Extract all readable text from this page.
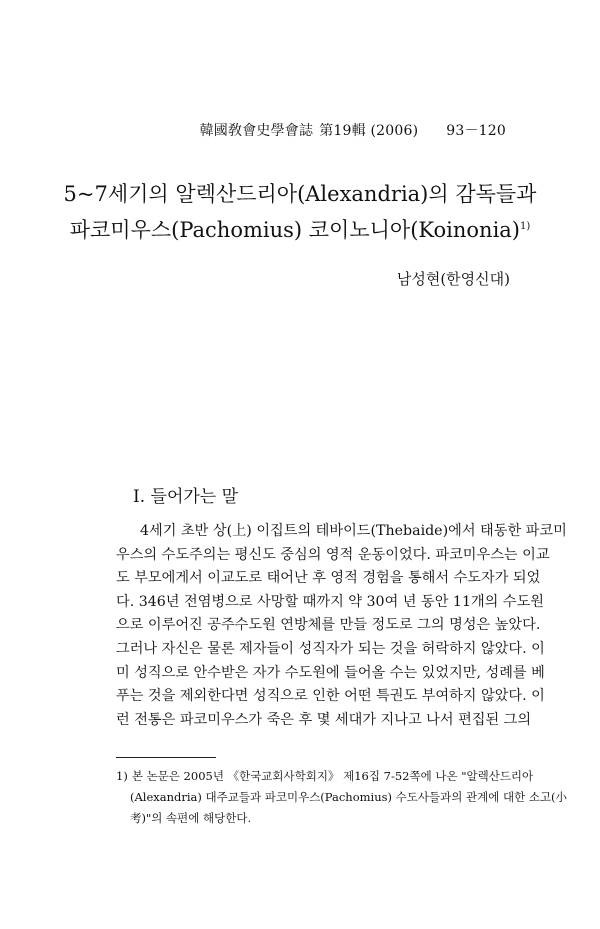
韓國敎會史學會誌 第19輯 (2006) 93－120
5~7세기의 알렉산드리아(Alexandria)의 감독들과
파코미우스(Pachomius) 코이노니아(Koinonia)$^{1)}$
남성현(한영신대)
I. 들어가는 말

4세기 초반 상(上) 이집트의 테바이드(Thebaide)에서 태동한 파코미
우스의 수도주의는 평신도 중심의 영적 운동이었다. 파코미우스는 이교
도 부모에게서 이교도로 태어난 후 영적 경험을 통해서 수도자가 되었
다. 346년 전염병으로 사망할 때까지 약 30여 년 동안 11개의 수도원
으로 이루어진 공주수도원 연방체를 만들 정도로 그의 명성은 높았다.
그러나 자신은 물론 제자들이 성직자가 되는 것을 허락하지 않았다. 이
미 성직으로 안수받은 자가 수도원에 들어올 수는 있었지만, 성례를 베
푸는 것을 제외한다면 성직으로 인한 어떤 특권도 부여하지 않았다. 이
런 전통은 파코미우스가 죽은 후 몇 세대가 지나고 나서 편집된 그의

1) 본 논문은 2005년 《한국교회사학회지》 제16집 7-52쪽에 나온 "알렉산드리아
(Alexandria) 대주교들과 파코미우스(Pachomius) 수도사들과의 관계에 대한 소고(小
考)"의 속편에 해당한다.
